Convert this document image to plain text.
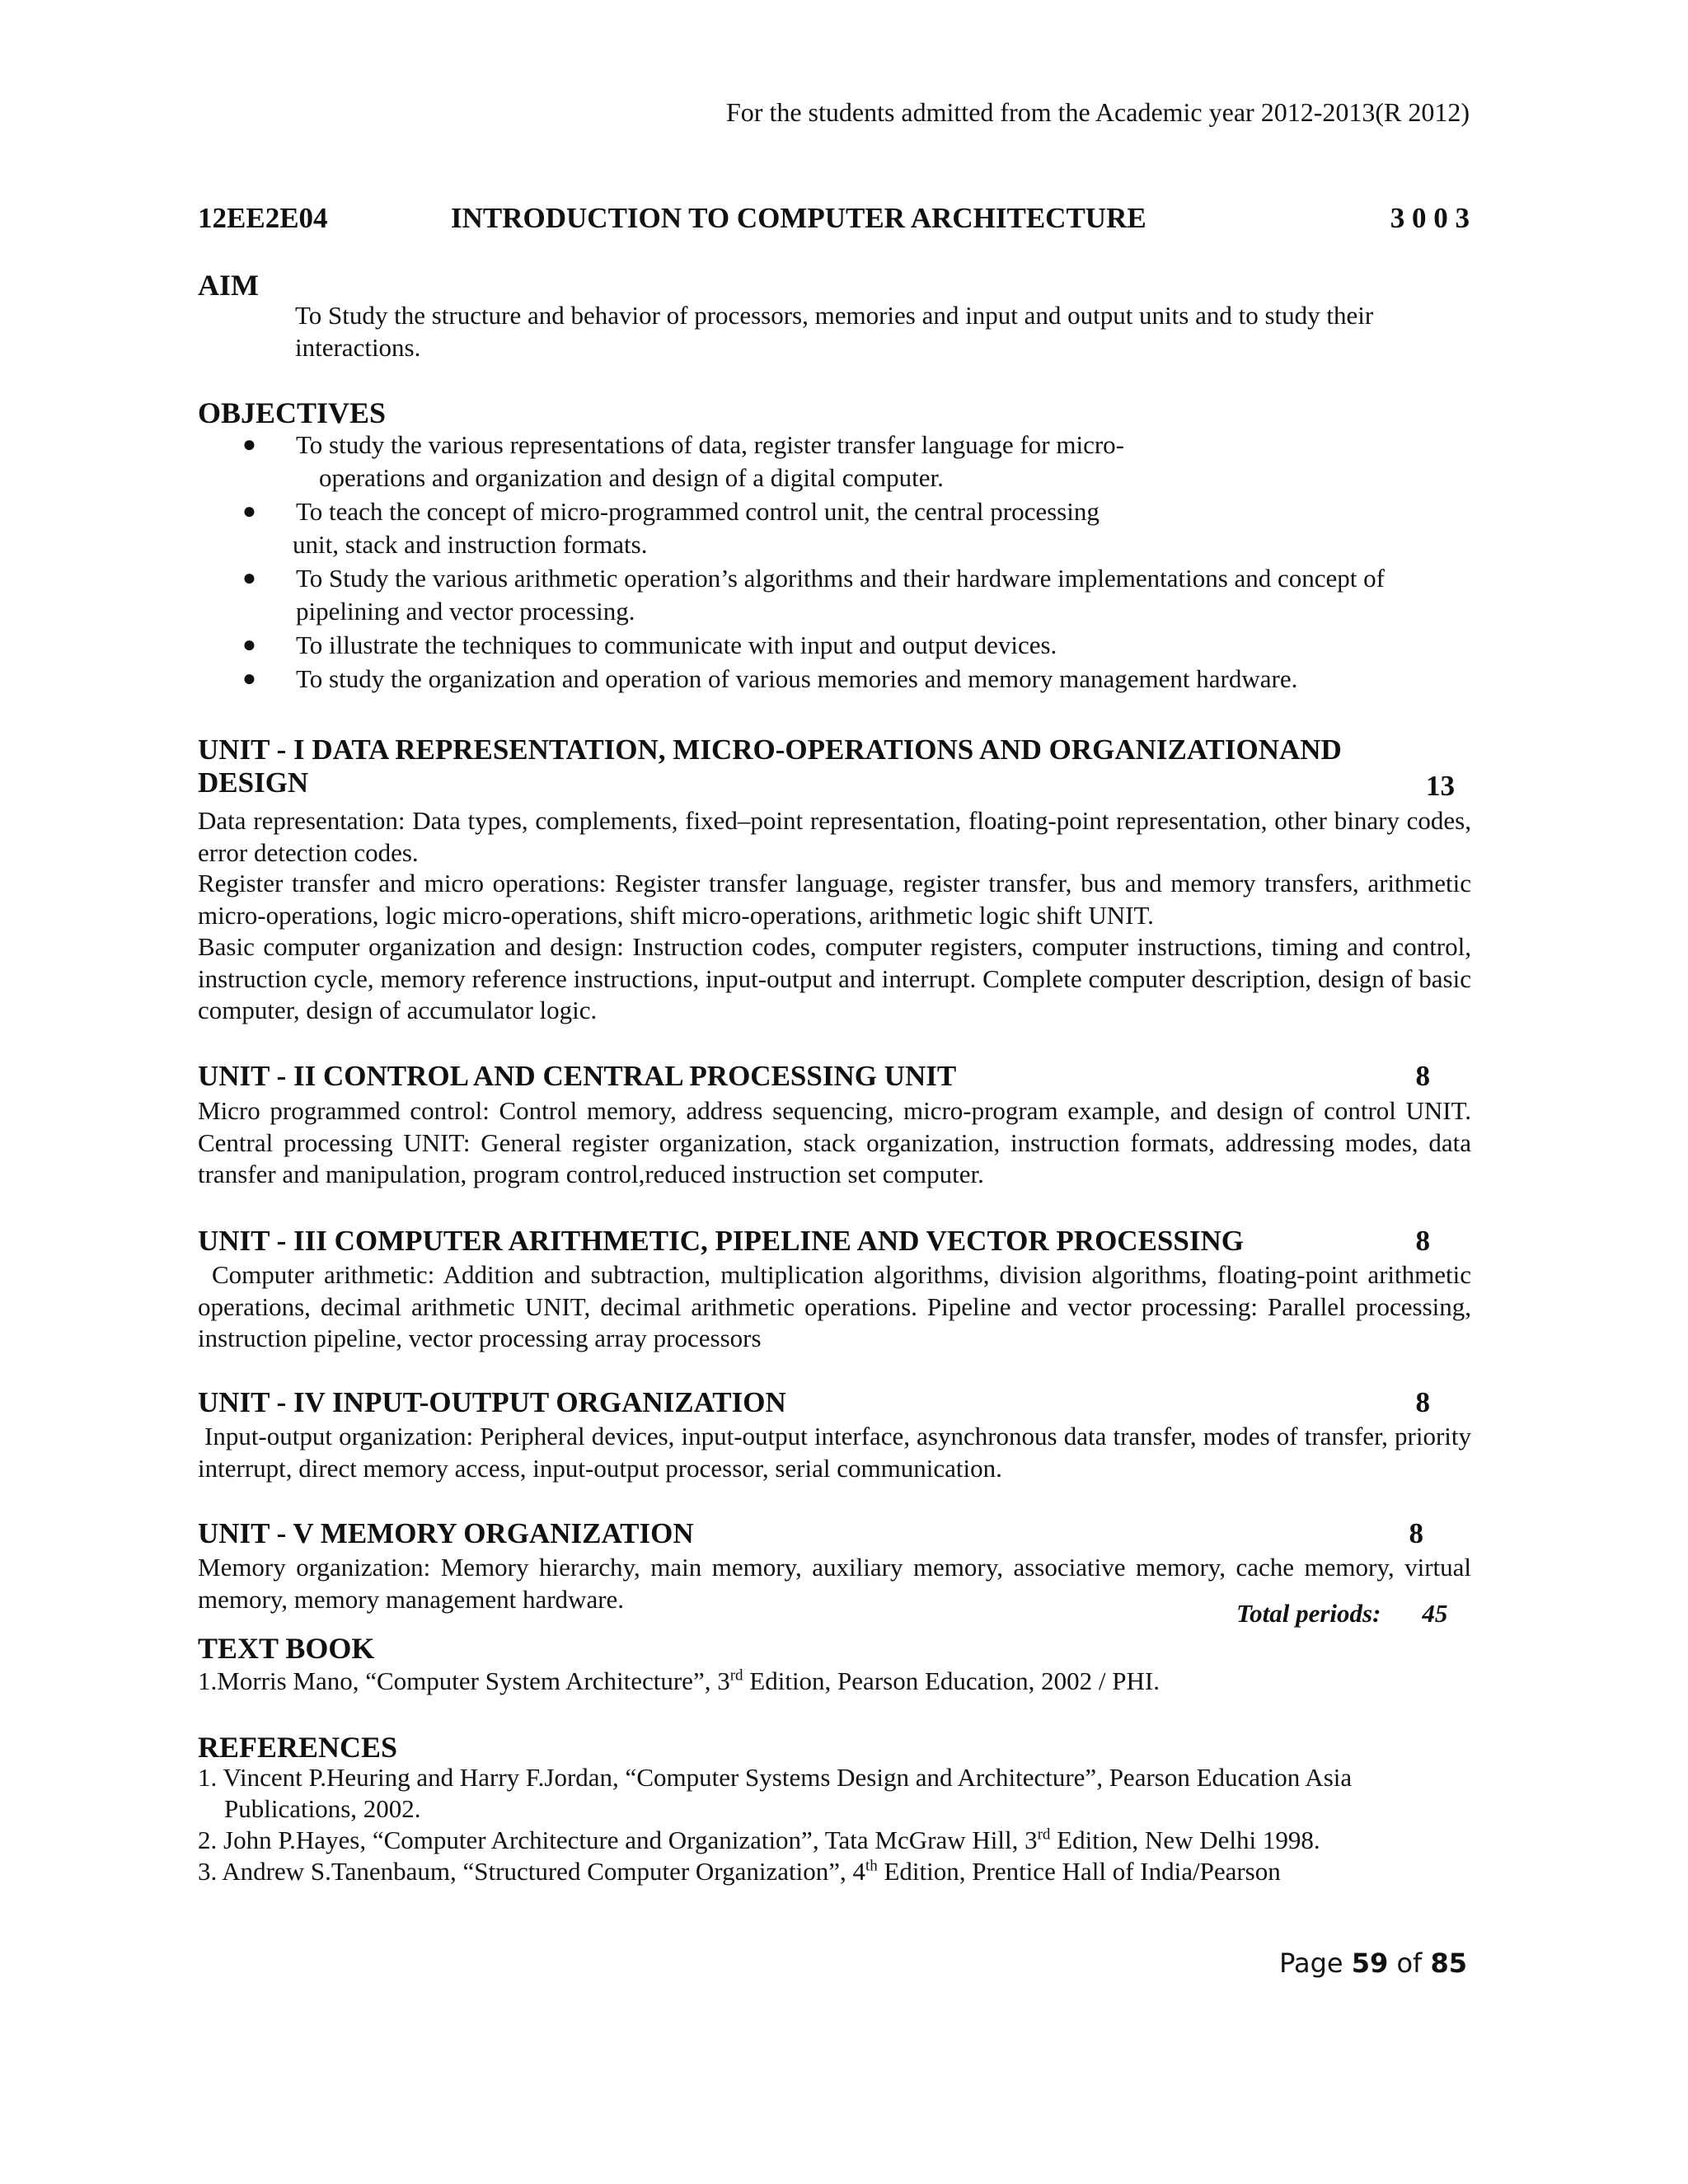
For the students admitted from the Academic year 2012-2013(R 2012)
12EE2E04	INTRODUCTION TO COMPUTER ARCHITECTURE	3 0 0 3
AIM

To Study the structure and behavior of processors, memories and input and output units and to study their interactions.

OBJECTIVES
● To study the various representations of data, register transfer language for micro-
operations and organization and design of a digital computer.
● To teach the concept of micro-programmed control unit, the central processing
unit, stack and instruction formats.
● To Study the various arithmetic operation’s algorithms and their hardware implementations and concept of
pipelining and vector processing.
● To illustrate the techniques to communicate with input and output devices.
● To study the organization and operation of various memories and memory management hardware.
UNIT - I DATA REPRESENTATION, MICRO-OPERATIONS AND ORGANIZATIONAND
DESIGN	13

Data representation: Data types, complements, fixed–point representation, floating-point representation, other binary codes, error detection codes.

Register transfer and micro operations: Register transfer language, register transfer, bus and memory transfers, arithmetic micro-operations, logic micro-operations, shift micro-operations, arithmetic logic shift UNIT.

Basic computer organization and design: Instruction codes, computer registers, computer instructions, timing and control, instruction cycle, memory reference instructions, input-output and interrupt. Complete computer description, design of basic computer, design of accumulator logic.

UNIT - II CONTROL AND CENTRAL PROCESSING UNIT	8

Micro programmed control: Control memory, address sequencing, micro-program example, and design of control UNIT. Central processing UNIT: General register organization, stack organization, instruction formats, addressing modes, data transfer and manipulation, program control,reduced instruction set computer.

UNIT - III COMPUTER ARITHMETIC, PIPELINE AND VECTOR PROCESSING	8

Computer arithmetic: Addition and subtraction, multiplication algorithms, division algorithms, floating-point arithmetic operations, decimal arithmetic UNIT, decimal arithmetic operations. Pipeline and vector processing: Parallel processing, instruction pipeline, vector processing array processors

UNIT - IV INPUT-OUTPUT ORGANIZATION	8

Input-output organization: Peripheral devices, input-output interface, asynchronous data transfer, modes of transfer, priority interrupt, direct memory access, input-output processor, serial communication.

UNIT - V MEMORY ORGANIZATION	8

Memory organization: Memory hierarchy, main memory, auxiliary memory, associative memory, cache memory, virtual memory, memory management hardware.	Total periods: 45
TEXT BOOK

1.Morris Mano, “Computer System Architecture”, 3rd Edition, Pearson Education, 2002 / PHI.

REFERENCES
1. Vincent P.Heuring and Harry F.Jordan, “Computer Systems Design and Architecture”, Pearson Education Asia Publications, 2002.
2. John P.Hayes, “Computer Architecture and Organization”, Tata McGraw Hill, 3rd Edition, New Delhi 1998.
3. Andrew S.Tanenbaum, “Structured Computer Organization”, 4th Edition, Prentice Hall of India/Pearson
Page 59 of 85
